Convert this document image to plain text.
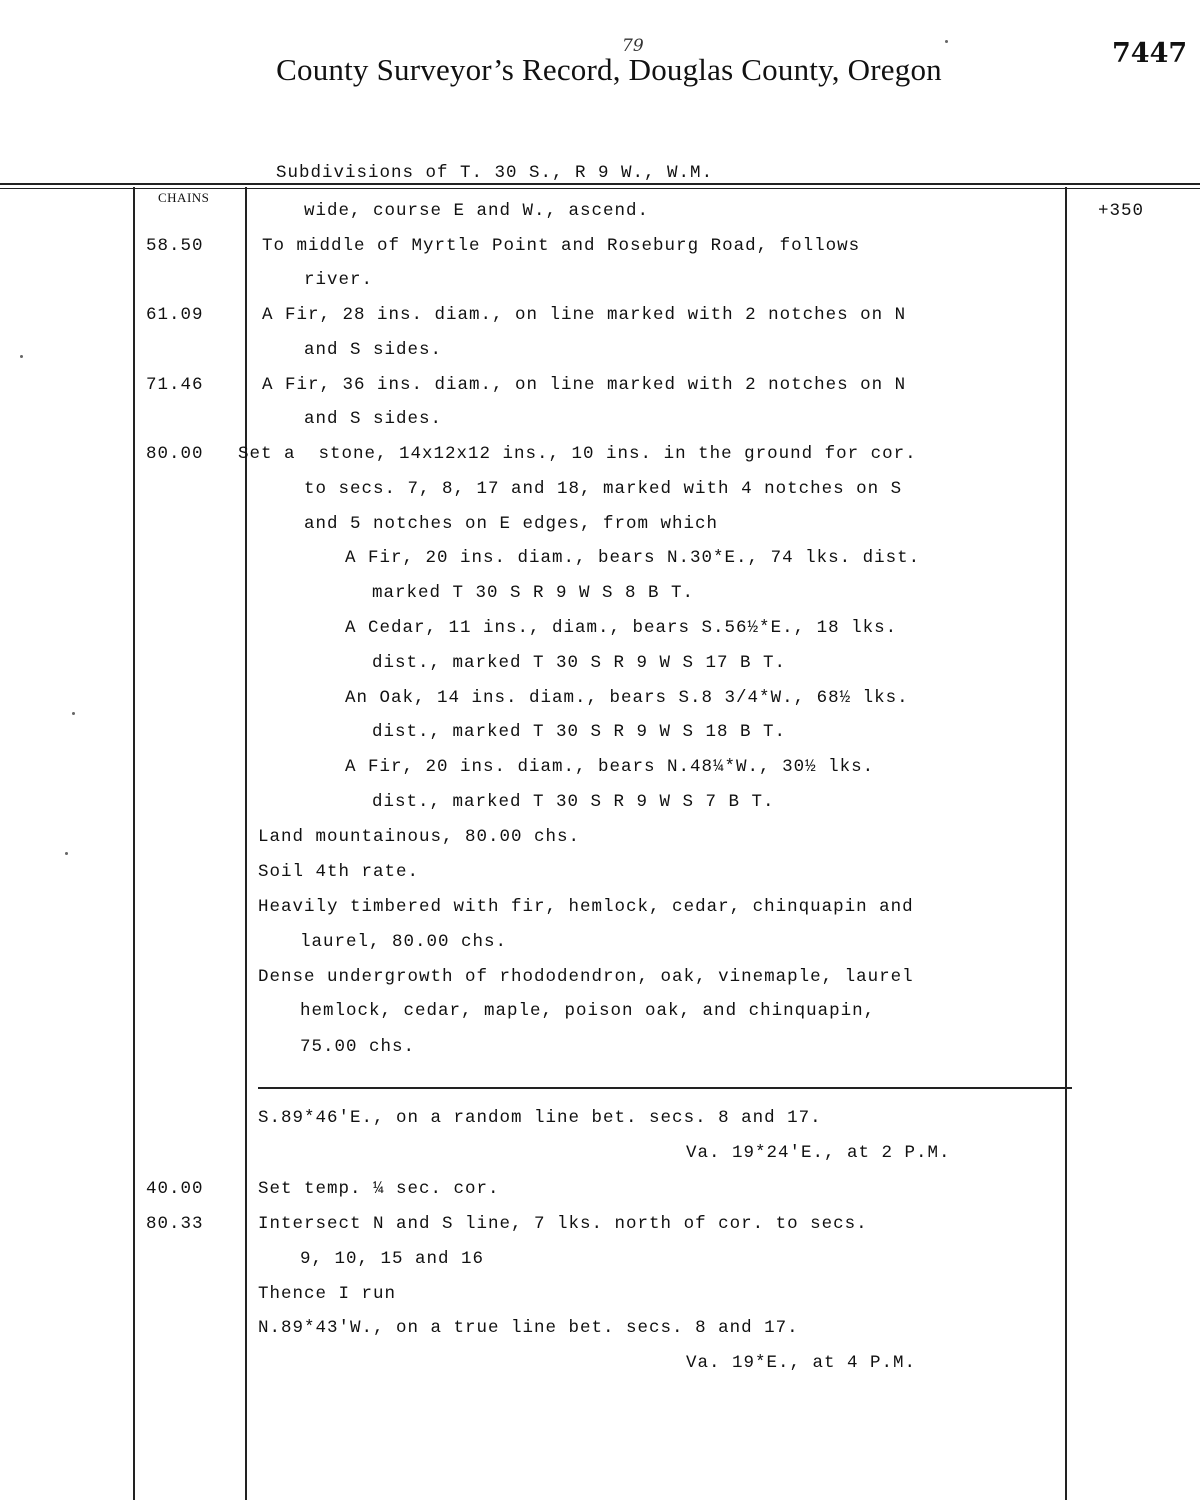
79
County Surveyor’s Record, Douglas County, Oregon	7447
Subdivisions of T. 30 S., R 9 W., W.M.
CHAINS
+350
58.50
61.09
71.46
80.00
40.00
80.33
wide, course E and W., ascend.
To middle of Myrtle Point and Roseburg Road, follows
river.
A Fir, 28 ins. diam., on line marked with 2 notches on N
and S sides.
A Fir, 36 ins. diam., on line marked with 2 notches on N
and S sides.
Set a  stone, 14x12x12 ins., 10 ins. in the ground for cor.
to secs. 7, 8, 17 and 18, marked with 4 notches on S
and 5 notches on E edges, from which
A Fir, 20 ins. diam., bears N.30*E., 74 lks. dist.
marked T 30 S R 9 W S 8 B T.
A Cedar, 11 ins., diam., bears S.56½*E., 18 lks.
dist., marked T 30 S R 9 W S 17 B T.
An Oak, 14 ins. diam., bears S.8 3/4*W., 68½ lks.
dist., marked T 30 S R 9 W S 18 B T.
A Fir, 20 ins. diam., bears N.48¼*W., 30½ lks.
dist., marked T 30 S R 9 W S 7 B T.
Land mountainous, 80.00 chs.
Soil 4th rate.
Heavily timbered with fir, hemlock, cedar, chinquapin and
laurel, 80.00 chs.
Dense undergrowth of rhododendron, oak, vinemaple, laurel
hemlock, cedar, maple, poison oak, and chinquapin,
75.00 chs.
S.89*46'E., on a random line bet. secs. 8 and 17.
Va. 19*24'E., at 2 P.M.
Set temp. ¼ sec. cor.
Intersect N and S line, 7 lks. north of cor. to secs.
9, 10, 15 and 16
Thence I run
N.89*43'W., on a true line bet. secs. 8 and 17.
Va. 19*E., at 4 P.M.
